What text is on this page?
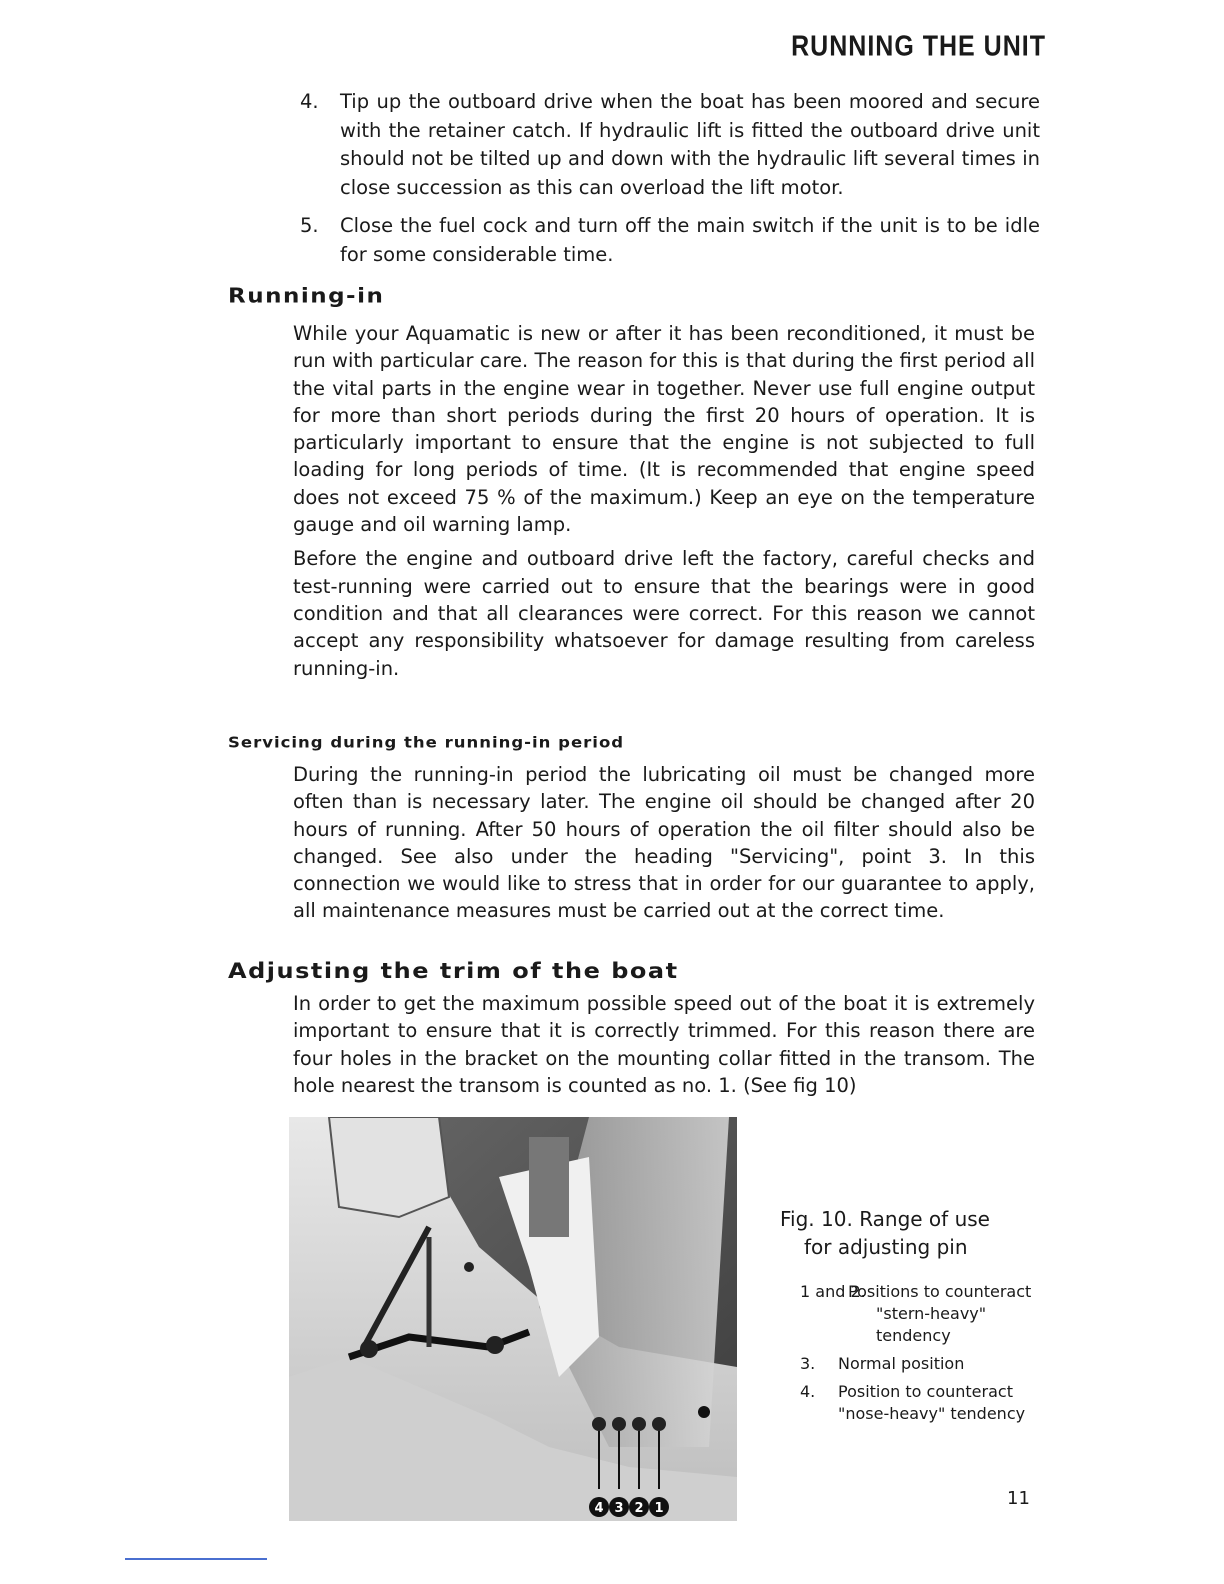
RUNNING THE UNIT
4. Tip up the outboard drive when the boat has been moored and secure with the retainer catch. If hydraulic lift is fitted the outboard drive unit should not be tilted up and down with the hydraulic lift several times in close succession as this can overload the lift motor.
5. Close the fuel cock and turn off the main switch if the unit is to be idle for some considerable time.
Running-in

While your Aquamatic is new or after it has been reconditioned, it must be run with particular care. The reason for this is that during the first period all the vital parts in the engine wear in together. Never use full engine output for more than short periods during the first 20 hours of operation. It is particularly important to ensure that the engine is not subjected to full loading for long periods of time. (It is recommended that engine speed does not exceed 75 % of the maximum.) Keep an eye on the temperature gauge and oil warning lamp.

Before the engine and outboard drive left the factory, careful checks and test-running were carried out to ensure that the bearings were in good condition and that all clearances were correct. For this reason we cannot accept any responsibility whatsoever for damage resulting from careless running-in.

Servicing during the running-in period

During the running-in period the lubricating oil must be changed more often than is necessary later. The engine oil should be changed after 20 hours of running. After 50 hours of operation the oil filter should also be changed. See also under the heading "Servicing", point 3. In this connection we would like to stress that in order for our guarantee to apply, all maintenance measures must be carried out at the correct time.

Adjusting the trim of the boat

In order to get the maximum possible speed out of the boat it is extremely important to ensure that it is correctly trimmed. For this reason there are four holes in the bracket on the mounting collar fitted in the transom. The hole nearest the transom is counted as no. 1. (See fig 10)

4 3 2 1
Fig. 10. Range of use
for adjusting pin
1 and 2.
Positions to counteract "stern-heavy" tendency
3.	Normal position
4.	Position to counteract "nose-heavy" tendency
11
